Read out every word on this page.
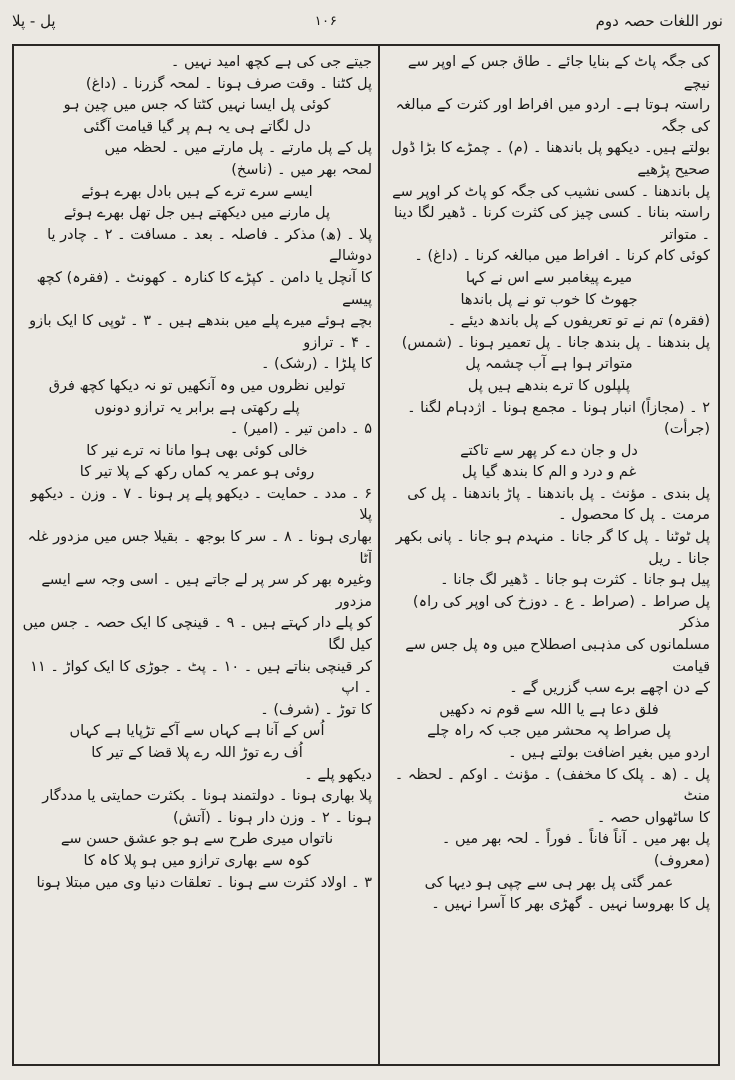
پل - پلا	۱۰۶	نور اللغات حصہ دوم

کی جگہ پاٹ کے بنایا جائے ۔ طاق جس کے اوپر سے نیچے

راستہ ہوتا ہے۔ اردو میں افراط اور کثرت کے مبالغہ کی جگہ

بولتے ہیں۔ دیکھو پل باندھنا ۔ (م) ۔ چمڑے کا بڑا ڈول

صحیح پڑھیے

پل باندھنا ۔ کسی نشیب کی جگہ کو پاٹ کر اوپر سے

راستہ بنانا ۔ کسی چیز کی کثرت کرنا ۔ ڈھیر لگا دینا ۔ متواتر

کوئی کام کرنا ۔ افراط میں مبالغہ کرنا ۔ (داغ) ۔

میرے پیغامبر سے اس نے کہا

جھوٹ کا خوب تو نے پل باندھا

(فقرہ) تم نے تو تعریفوں کے پل باندھ دیئے ۔

پل بندھنا ۔ پل بندھ جانا ۔ پل تعمیر ہونا ۔ (شمس)

متواتر ہوا ہے آب چشمہ پل

پلپلوں کا ترے بندھے ہیں پل

۲ ۔ (مجازاً) انبار ہونا ۔ مجمع ہونا ۔ اژدہام لگنا ۔ (جرأت)

دل و جان دے کر پھر سے تاکتے

غم و درد و الم کا بندھ گیا پل

پل بندی ۔ مؤنث ۔ پل باندھنا ۔ پاڑ باندھنا ۔ پل کی

مرمت ۔ پل کا محصول ۔

پل ٹوٹنا ۔ پل کا گر جانا ۔ منہدم ہو جانا ۔ پانی بکھر جانا ۔ ریل

پیل ہو جانا ۔ کثرت ہو جانا ۔ ڈھیر لگ جانا ۔

پل صراط ۔ (صراط ۔ ع ۔ دوزخ کی اوپر کی راہ) مذکر

مسلمانوں کی مذہبی اصطلاح میں وہ پل جس سے قیامت

کے دن اچھے برے سب گزریں گے ۔

فلق دعا ہے یا اللہ سے قوم نہ دکھیں

پل صراط پہ محشر میں جب کہ راہ چلے

اردو میں بغیر اضافت بولتے ہیں ۔

پل ۔ (ھ ۔ پلک کا مخفف) ۔ مؤنث ۔ اوکم ۔ لحظہ ۔ منٹ

کا ساٹھواں حصہ ۔

پل بھر میں ۔ آناً فاناً ۔ فوراً ۔ لحہ بھر میں ۔ (معروف)

عمر گئی پل بھر ہی سے چپی ہو دیہا کی

پل کا بھروسا نہیں ۔ گھڑی بھر کا آسرا نہیں ۔

جیتے جی کی ہے کچھ امید نہیں ۔

پل کٹنا ۔ وقت صرف ہونا ۔ لمحہ گزرنا ۔ (داغ)

کوئی پل ایسا نہیں کٹتا کہ جس میں چین ہو

دل لگاتے ہی یہ ہم پر گیا قیامت آگئی

پل کے پل مارتے ۔ پل مارتے میں ۔ لحظہ میں

لمحہ بھر میں ۔ (ناسخ)

ایسے سرے ترے کے ہیں بادل بھرے ہوئے

پل مارنے میں دیکھتے ہیں جل تھل بھرے ہوئے

پلا ۔ (ھ) مذکر ۔ فاصلہ ۔ بعد ۔ مسافت ۔ ۲ ۔ چادر یا دوشالے

کا آنچل یا دامن ۔ کپڑے کا کنارہ ۔ کھونٹ ۔ (فقرہ) کچھ پیسے

بچے ہوئے میرے پلے میں بندھے ہیں ۔ ۳ ۔ ٹوپی کا ایک بازو ۔ ۴ ۔ ترازو

کا پلڑا ۔ (رشک) ۔

تولیں نظروں میں وہ آنکھیں تو نہ دیکھا کچھ فرق

پلے رکھتی ہے برابر یہ ترازو دونوں

۵ ۔ دامن تیر ۔ (امیر) ۔

خالی کوئی بھی ہوا مانا نہ ترے نیر کا

روئی ہو عمر یہ کماں رکھ کے پلا تیر کا

۶ ۔ مدد ۔ حمایت ۔ دیکھو پلے پر ہونا ۔ ۷ ۔ وزن ۔ دیکھو پلا

بھاری ہونا ۔ ۸ ۔ سر کا بوجھ ۔ بقیلا جس میں مزدور غلہ آٹا

وغیرہ بھر کر سر پر لے جاتے ہیں ۔ اسی وجہ سے ایسے مزدور

کو پلے دار کہتے ہیں ۔ ۹ ۔ قینچی کا ایک حصہ ۔ جس میں کیل لگا

کر قینچی بناتے ہیں ۔ ۱۰ ۔ پٹ ۔ جوڑی کا ایک کواڑ ۔ ۱۱ ۔ اپ

کا توڑ ۔ (شرف) ۔

اُس کے آنا ہے کہاں سے آکے تڑپایا ہے کہاں

اُف رے توڑ اللہ رے پلا قضا کے تیر کا

دیکھو پلے ۔

پلا بھاری ہونا ۔ دولتمند ہونا ۔ بکثرت حمایتی یا مددگار

ہونا ۔ ۲ ۔ وزن دار ہونا ۔ (آتش)

ناتواں میری طرح سے ہو جو عشق حسن سے

کوہ سے بھاری ترازو میں ہو پلا کاہ کا

۳ ۔ اولاد کثرت سے ہونا ۔ تعلقات دنیا وی میں مبتلا ہونا
